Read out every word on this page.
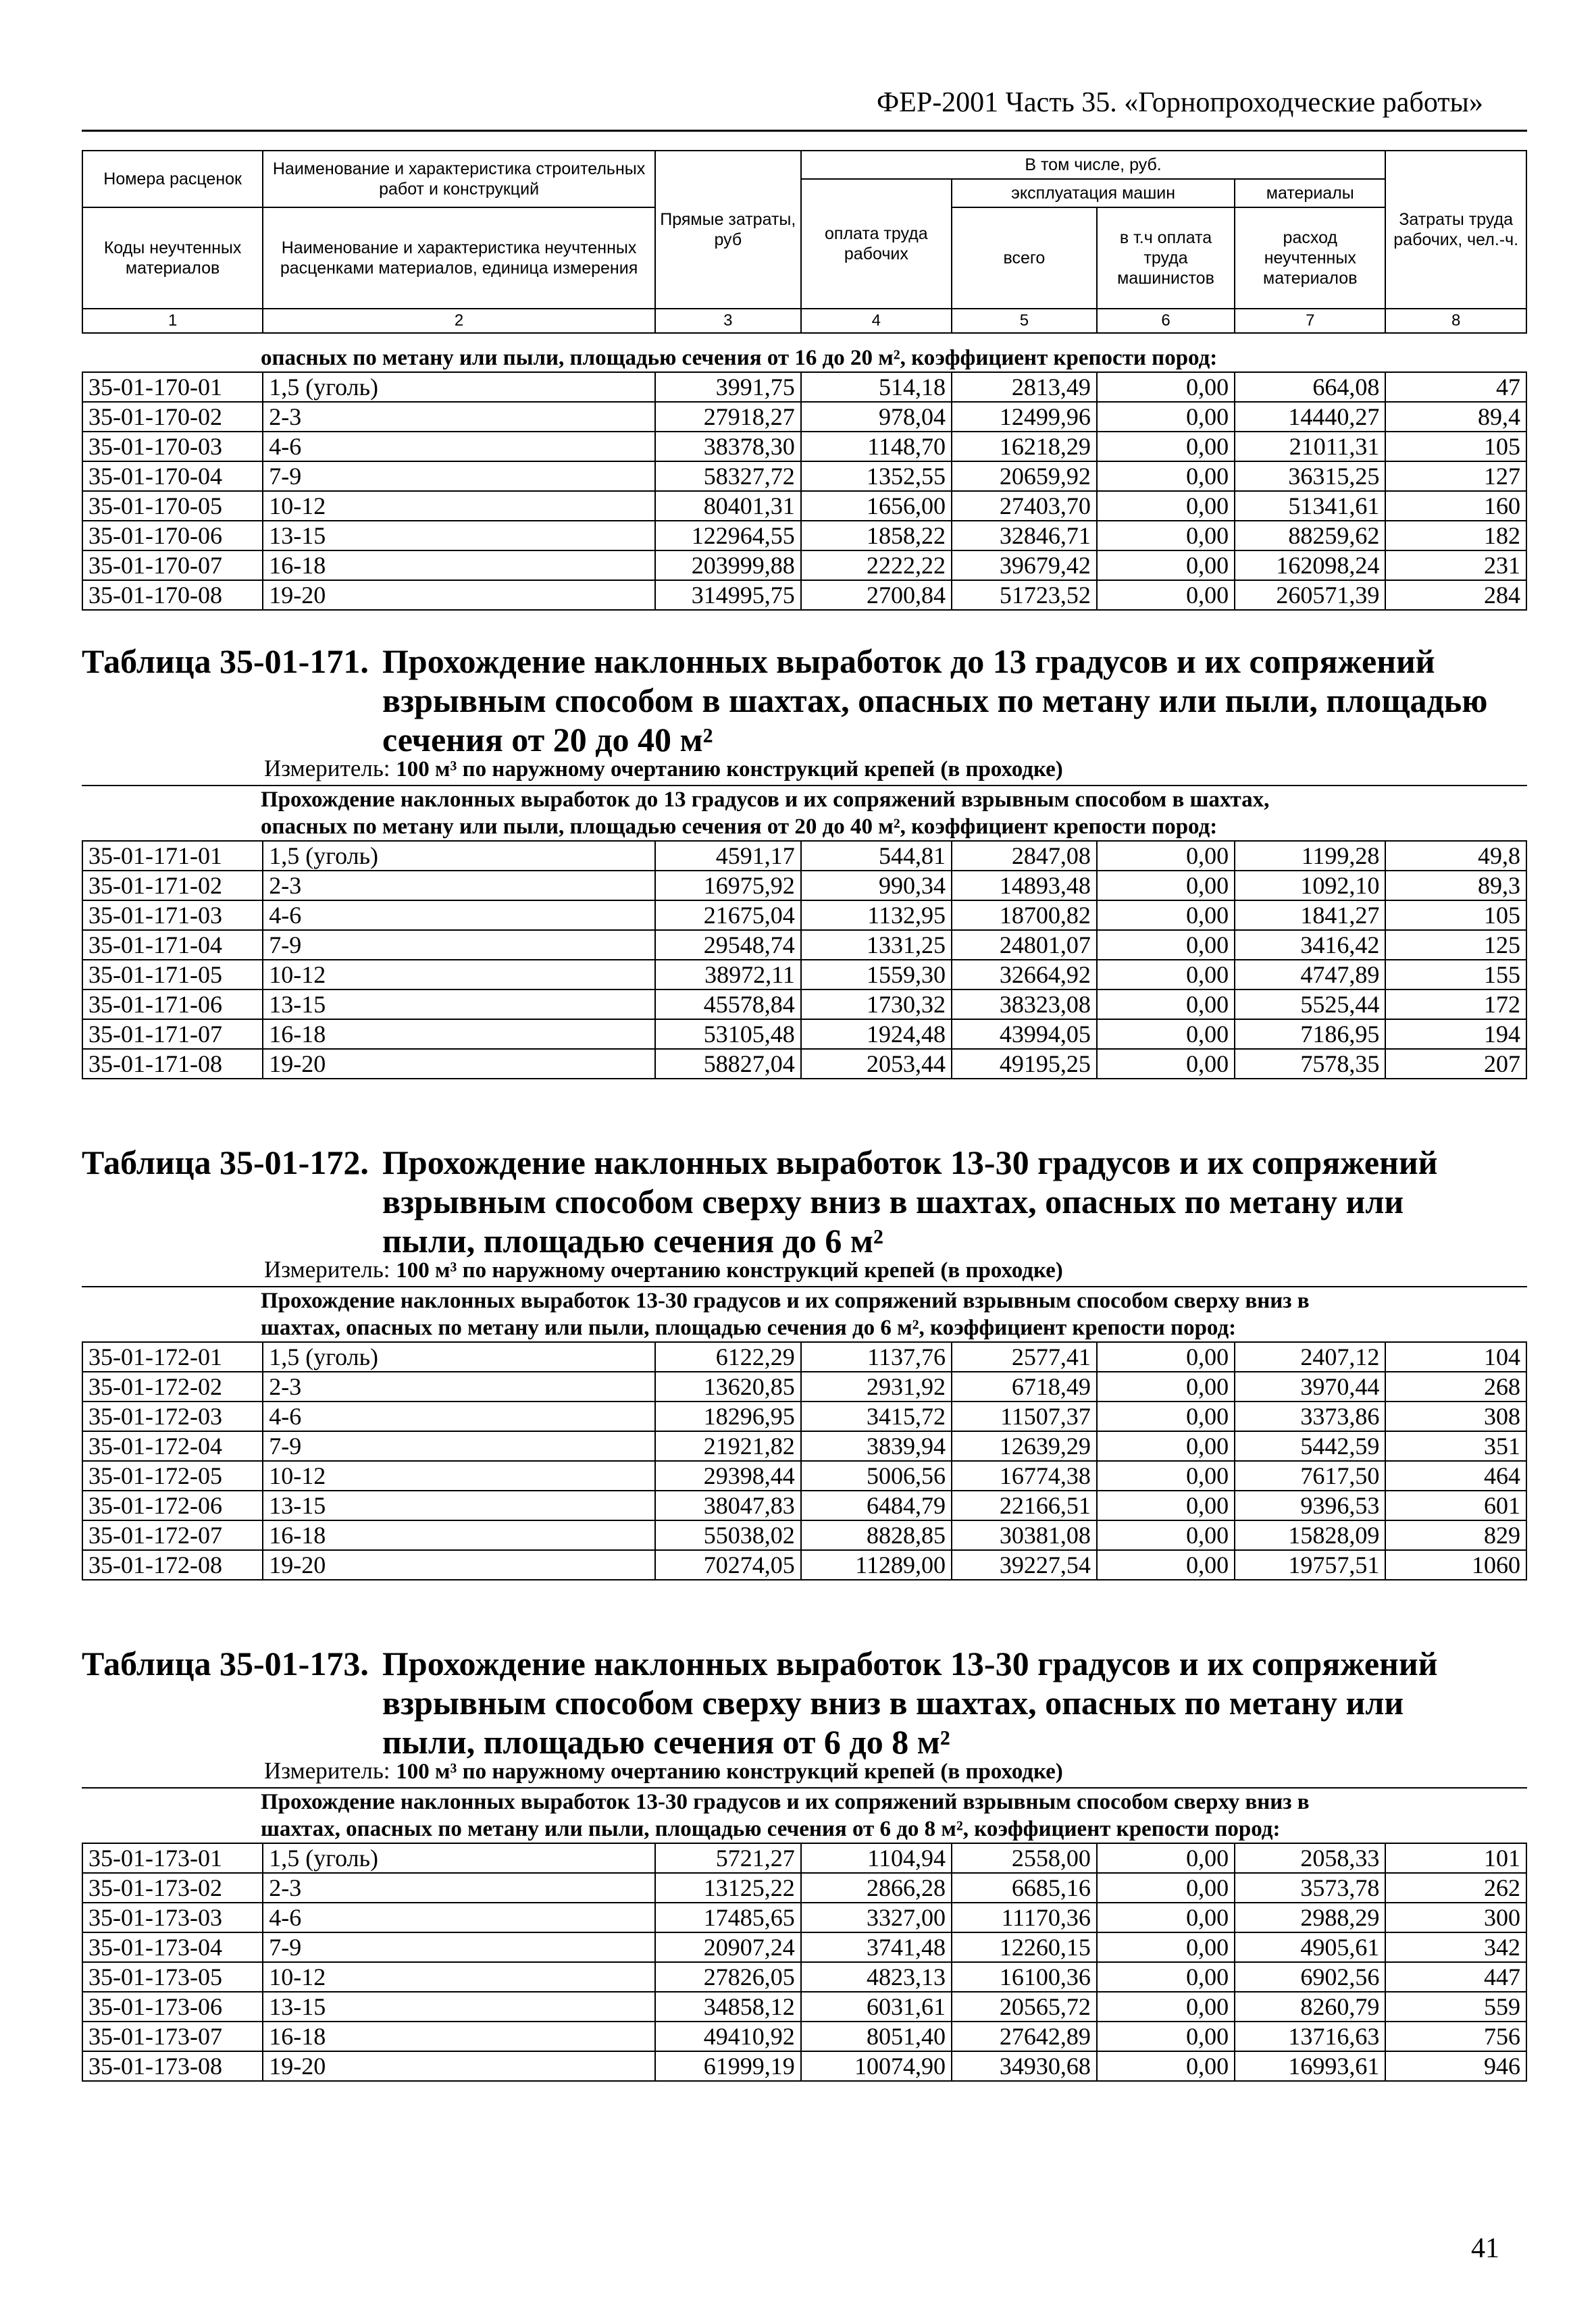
ФЕР-2001 Часть 35. «Горнопроходческие работы»
Номера расценок	Наименование и характеристика строительных работ и конструкций	Прямые затраты, руб	В том числе, руб.				Затраты труда рабочих, чел.-ч.
			оплата труда рабочих	эксплуатация машин		материалы	
Коды неучтенных материалов	Наименование и характеристика неучтенных расценками материалов, единица измерения			всего	в т.ч оплата труда машинистов	расход неучтенных материалов	
1	2	3	4	5	6	7	8
опасных по метану или пыли, площадью сечения от 16 до 20 м², коэффициент крепости пород:
35-01-170-01	1,5 (уголь)	3991,75	514,18	2813,49	0,00	664,08	47
35-01-170-02	2-3	27918,27	978,04	12499,96	0,00	14440,27	89,4
35-01-170-03	4-6	38378,30	1148,70	16218,29	0,00	21011,31	105
35-01-170-04	7-9	58327,72	1352,55	20659,92	0,00	36315,25	127
35-01-170-05	10-12	80401,31	1656,00	27403,70	0,00	51341,61	160
35-01-170-06	13-15	122964,55	1858,22	32846,71	0,00	88259,62	182
35-01-170-07	16-18	203999,88	2222,22	39679,42	0,00	162098,24	231
35-01-170-08	19-20	314995,75	2700,84	51723,52	0,00	260571,39	284
Таблица 35-01-171. Прохождение наклонных выработок до 13 градусов и их сопряжений
взрывным способом в шахтах, опасных по метану или пыли, площадью
сечения от 20 до 40 м²
Измеритель: 100 м³ по наружному очертанию конструкций крепей (в проходке)
Прохождение наклонных выработок до 13 градусов и их сопряжений взрывным способом в шахтах,
опасных по метану или пыли, площадью сечения от 20 до 40 м², коэффициент крепости пород:
35-01-171-01	1,5 (уголь)	4591,17	544,81	2847,08	0,00	1199,28	49,8
35-01-171-02	2-3	16975,92	990,34	14893,48	0,00	1092,10	89,3
35-01-171-03	4-6	21675,04	1132,95	18700,82	0,00	1841,27	105
35-01-171-04	7-9	29548,74	1331,25	24801,07	0,00	3416,42	125
35-01-171-05	10-12	38972,11	1559,30	32664,92	0,00	4747,89	155
35-01-171-06	13-15	45578,84	1730,32	38323,08	0,00	5525,44	172
35-01-171-07	16-18	53105,48	1924,48	43994,05	0,00	7186,95	194
35-01-171-08	19-20	58827,04	2053,44	49195,25	0,00	7578,35	207
Таблица 35-01-172. Прохождение наклонных выработок 13-30 градусов и их сопряжений
взрывным способом сверху вниз в шахтах, опасных по метану или
пыли, площадью сечения до 6 м²
Измеритель: 100 м³ по наружному очертанию конструкций крепей (в проходке)
Прохождение наклонных выработок 13-30 градусов и их сопряжений взрывным способом сверху вниз в
шахтах, опасных по метану или пыли, площадью сечения до 6 м², коэффициент крепости пород:
35-01-172-01	1,5 (уголь)	6122,29	1137,76	2577,41	0,00	2407,12	104
35-01-172-02	2-3	13620,85	2931,92	6718,49	0,00	3970,44	268
35-01-172-03	4-6	18296,95	3415,72	11507,37	0,00	3373,86	308
35-01-172-04	7-9	21921,82	3839,94	12639,29	0,00	5442,59	351
35-01-172-05	10-12	29398,44	5006,56	16774,38	0,00	7617,50	464
35-01-172-06	13-15	38047,83	6484,79	22166,51	0,00	9396,53	601
35-01-172-07	16-18	55038,02	8828,85	30381,08	0,00	15828,09	829
35-01-172-08	19-20	70274,05	11289,00	39227,54	0,00	19757,51	1060
Таблица 35-01-173. Прохождение наклонных выработок 13-30 градусов и их сопряжений
взрывным способом сверху вниз в шахтах, опасных по метану или
пыли, площадью сечения от 6 до 8 м²
Измеритель: 100 м³ по наружному очертанию конструкций крепей (в проходке)
Прохождение наклонных выработок 13-30 градусов и их сопряжений взрывным способом сверху вниз в
шахтах, опасных по метану или пыли, площадью сечения от 6 до 8 м², коэффициент крепости пород:
35-01-173-01	1,5 (уголь)	5721,27	1104,94	2558,00	0,00	2058,33	101
35-01-173-02	2-3	13125,22	2866,28	6685,16	0,00	3573,78	262
35-01-173-03	4-6	17485,65	3327,00	11170,36	0,00	2988,29	300
35-01-173-04	7-9	20907,24	3741,48	12260,15	0,00	4905,61	342
35-01-173-05	10-12	27826,05	4823,13	16100,36	0,00	6902,56	447
35-01-173-06	13-15	34858,12	6031,61	20565,72	0,00	8260,79	559
35-01-173-07	16-18	49410,92	8051,40	27642,89	0,00	13716,63	756
35-01-173-08	19-20	61999,19	10074,90	34930,68	0,00	16993,61	946
41
